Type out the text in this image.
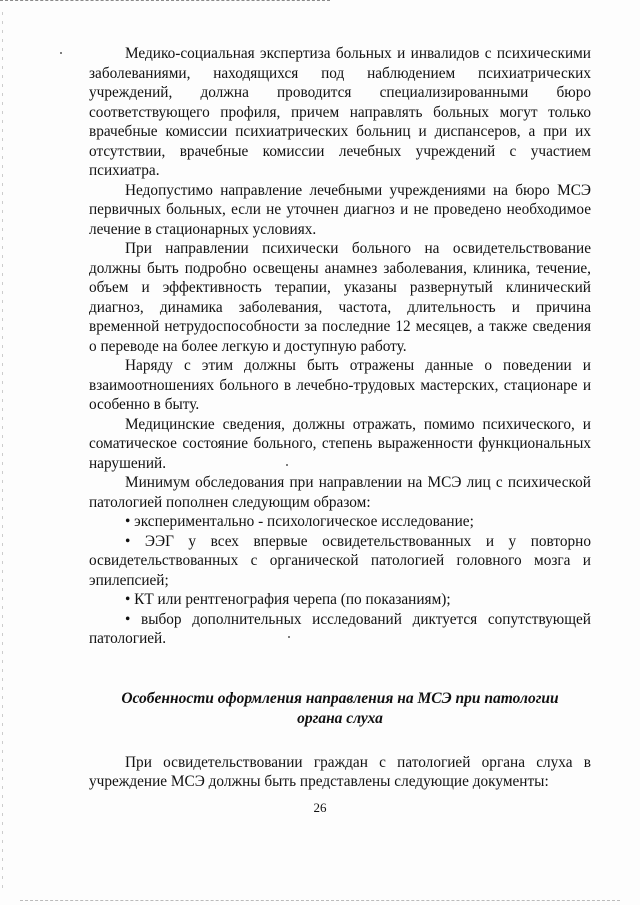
Медико-социальная экспертиза больных и инвалидов с психическими заболеваниями, находящихся под наблюдением психиатрических учреждений, должна проводится специализированными бюро соответствующего профиля, причем направлять больных могут только врачебные комиссии психиатрических больниц и диспансеров, а при их отсутствии, врачебные комиссии лечебных учреждений с участием психиатра.

Недопустимо направление лечебными учреждениями на бюро МСЭ первичных больных, если не уточнен диагноз и не проведено необходимое лечение в стационарных условиях.

При направлении психически больного на освидетельствование должны быть подробно освещены анамнез заболевания, клиника, течение, объем и эффективность терапии, указаны развернутый клинический диагноз, динамика заболевания, частота, длительность и причина временной нетрудоспособности за последние 12 месяцев, а также сведения о переводе на более легкую и доступную работу.

Наряду с этим должны быть отражены данные о поведении и взаимоотношениях больного в лечебно-трудовых мастерских, стационаре и особенно в быту.

Медицинские сведения, должны отражать, помимо психического, и соматическое состояние больного, степень выраженности функциональных нарушений.

Минимум обследования при направлении на МСЭ лиц с психической патологией пополнен следующим образом:

• экспериментально - психологическое исследование;

• ЭЭГ у всех впервые освидетельствованных и у повторно освидетельствованных с органической патологией головного мозга и эпилепсией;

• КТ или рентгенография черепа (по показаниям);

• выбор дополнительных исследований диктуется сопутствующей патологией.

Особенности оформления направления на МСЭ при патологии органа слуха

При освидетельствовании граждан с патологией органа слуха в учреждение МСЭ должны быть представлены следующие документы:

26
